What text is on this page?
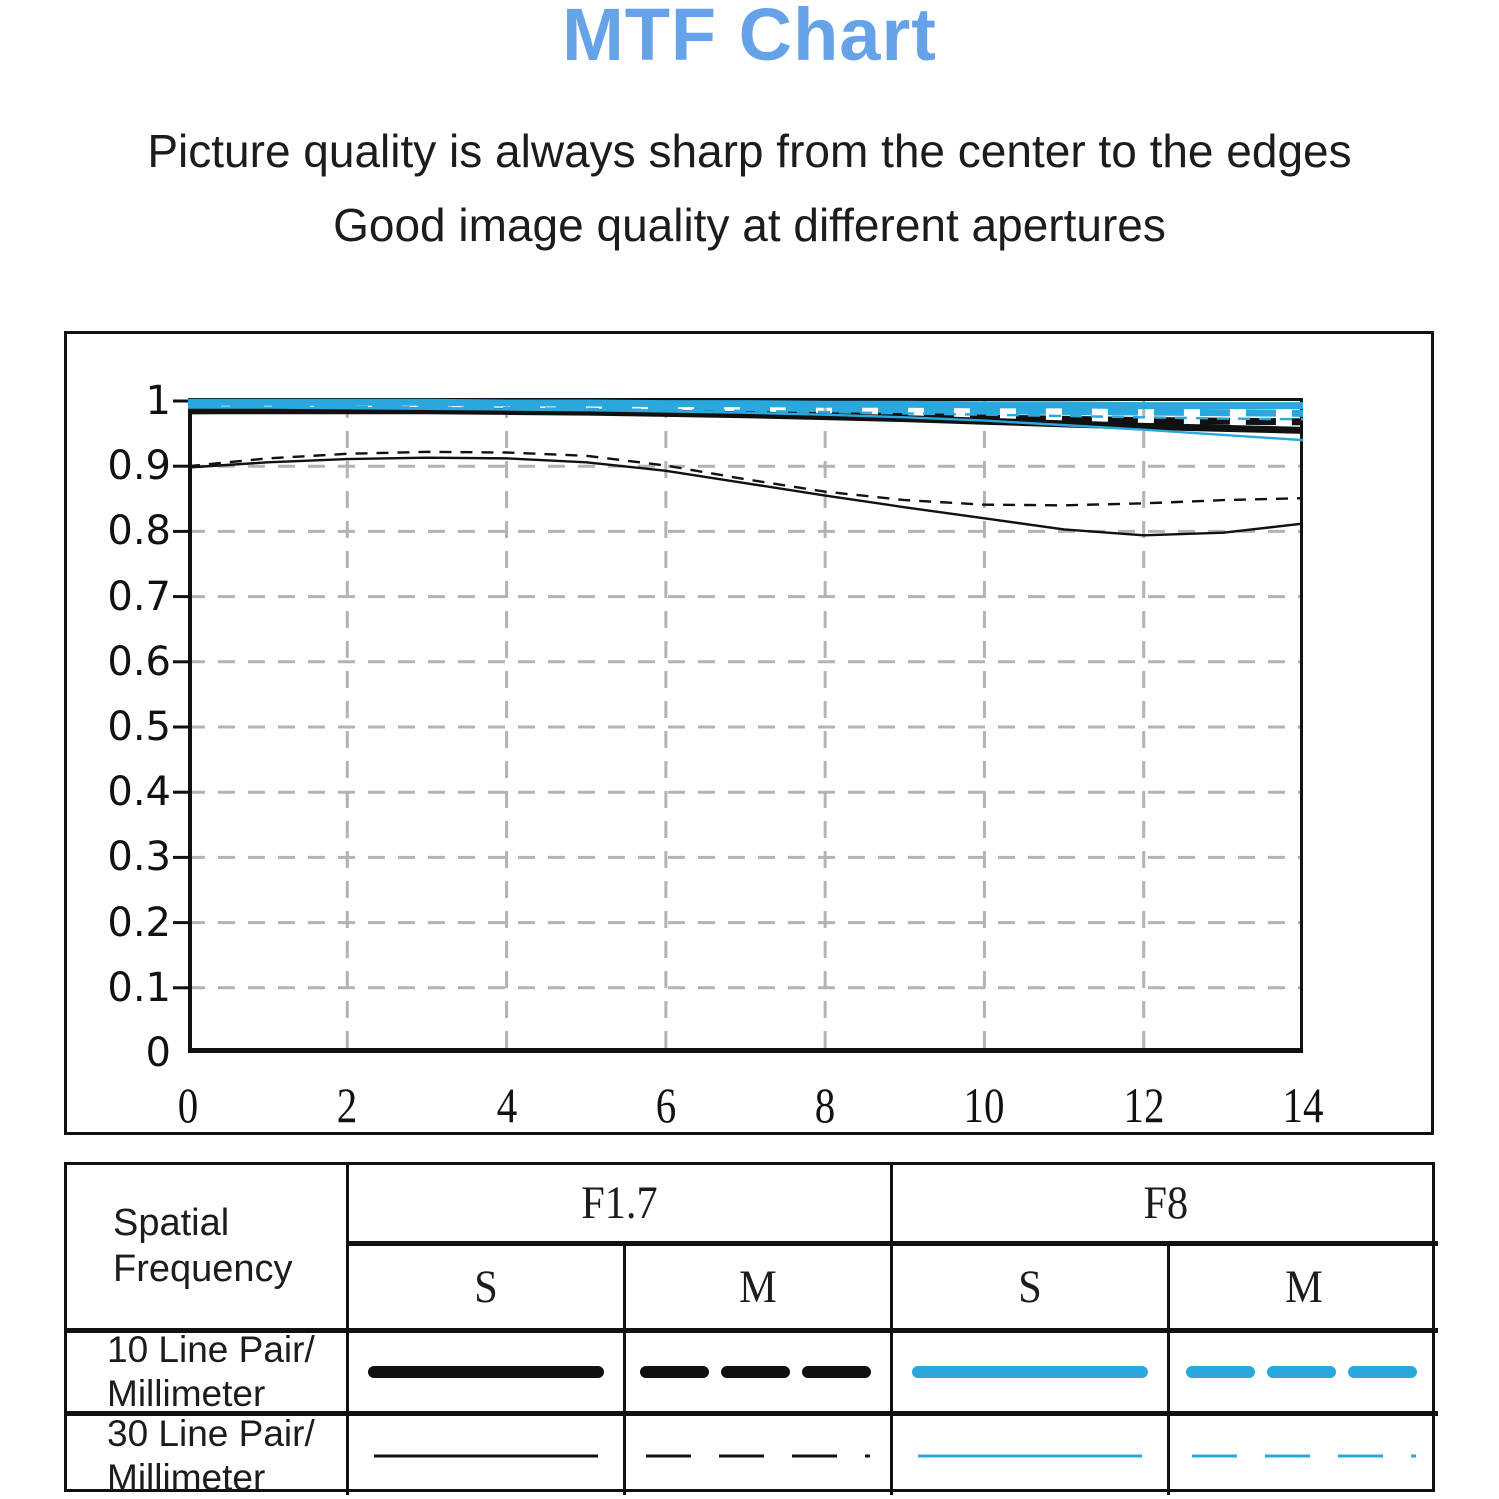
MTF Chart
Picture quality is always sharp from the center to the edges
Good image quality at different apertures
0
0.1
0.2
0.3
0.4
0.5
0.6
0.7
0.8
0.9
1
0	2	4	6	8	10	12	14
Spatial
Frequency
F1.7	F8
S	M	S	M
10 Line Pair/
Millimeter
30 Line Pair/
Millimeter
